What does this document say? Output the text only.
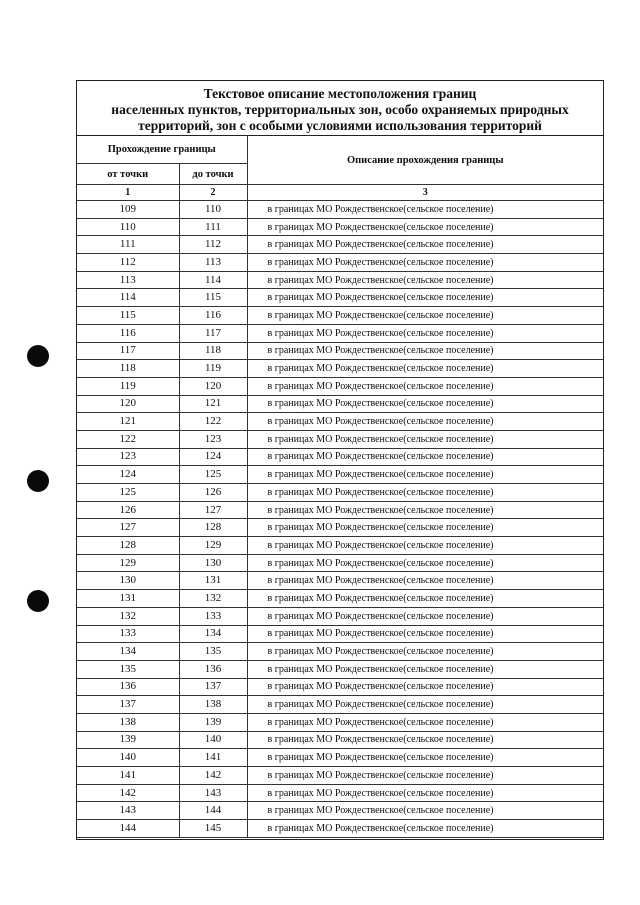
Текстовое описание местоположения границ
населенных пунктов, территориальных зон, особо охраняемых природных
территорий, зон с особыми условиями использования территорий
Прохождение границы		Описание прохождения границы
от точки	до точки	
1	2	3
109	110	в границах МО Рождественское(сельское поселение)
110	111	в границах МО Рождественское(сельское поселение)
111	112	в границах МО Рождественское(сельское поселение)
112	113	в границах МО Рождественское(сельское поселение)
113	114	в границах МО Рождественское(сельское поселение)
114	115	в границах МО Рождественское(сельское поселение)
115	116	в границах МО Рождественское(сельское поселение)
116	117	в границах МО Рождественское(сельское поселение)
117	118	в границах МО Рождественское(сельское поселение)
118	119	в границах МО Рождественское(сельское поселение)
119	120	в границах МО Рождественское(сельское поселение)
120	121	в границах МО Рождественское(сельское поселение)
121	122	в границах МО Рождественское(сельское поселение)
122	123	в границах МО Рождественское(сельское поселение)
123	124	в границах МО Рождественское(сельское поселение)
124	125	в границах МО Рождественское(сельское поселение)
125	126	в границах МО Рождественское(сельское поселение)
126	127	в границах МО Рождественское(сельское поселение)
127	128	в границах МО Рождественское(сельское поселение)
128	129	в границах МО Рождественское(сельское поселение)
129	130	в границах МО Рождественское(сельское поселение)
130	131	в границах МО Рождественское(сельское поселение)
131	132	в границах МО Рождественское(сельское поселение)
132	133	в границах МО Рождественское(сельское поселение)
133	134	в границах МО Рождественское(сельское поселение)
134	135	в границах МО Рождественское(сельское поселение)
135	136	в границах МО Рождественское(сельское поселение)
136	137	в границах МО Рождественское(сельское поселение)
137	138	в границах МО Рождественское(сельское поселение)
138	139	в границах МО Рождественское(сельское поселение)
139	140	в границах МО Рождественское(сельское поселение)
140	141	в границах МО Рождественское(сельское поселение)
141	142	в границах МО Рождественское(сельское поселение)
142	143	в границах МО Рождественское(сельское поселение)
143	144	в границах МО Рождественское(сельское поселение)
144	145	в границах МО Рождественское(сельское поселение)
